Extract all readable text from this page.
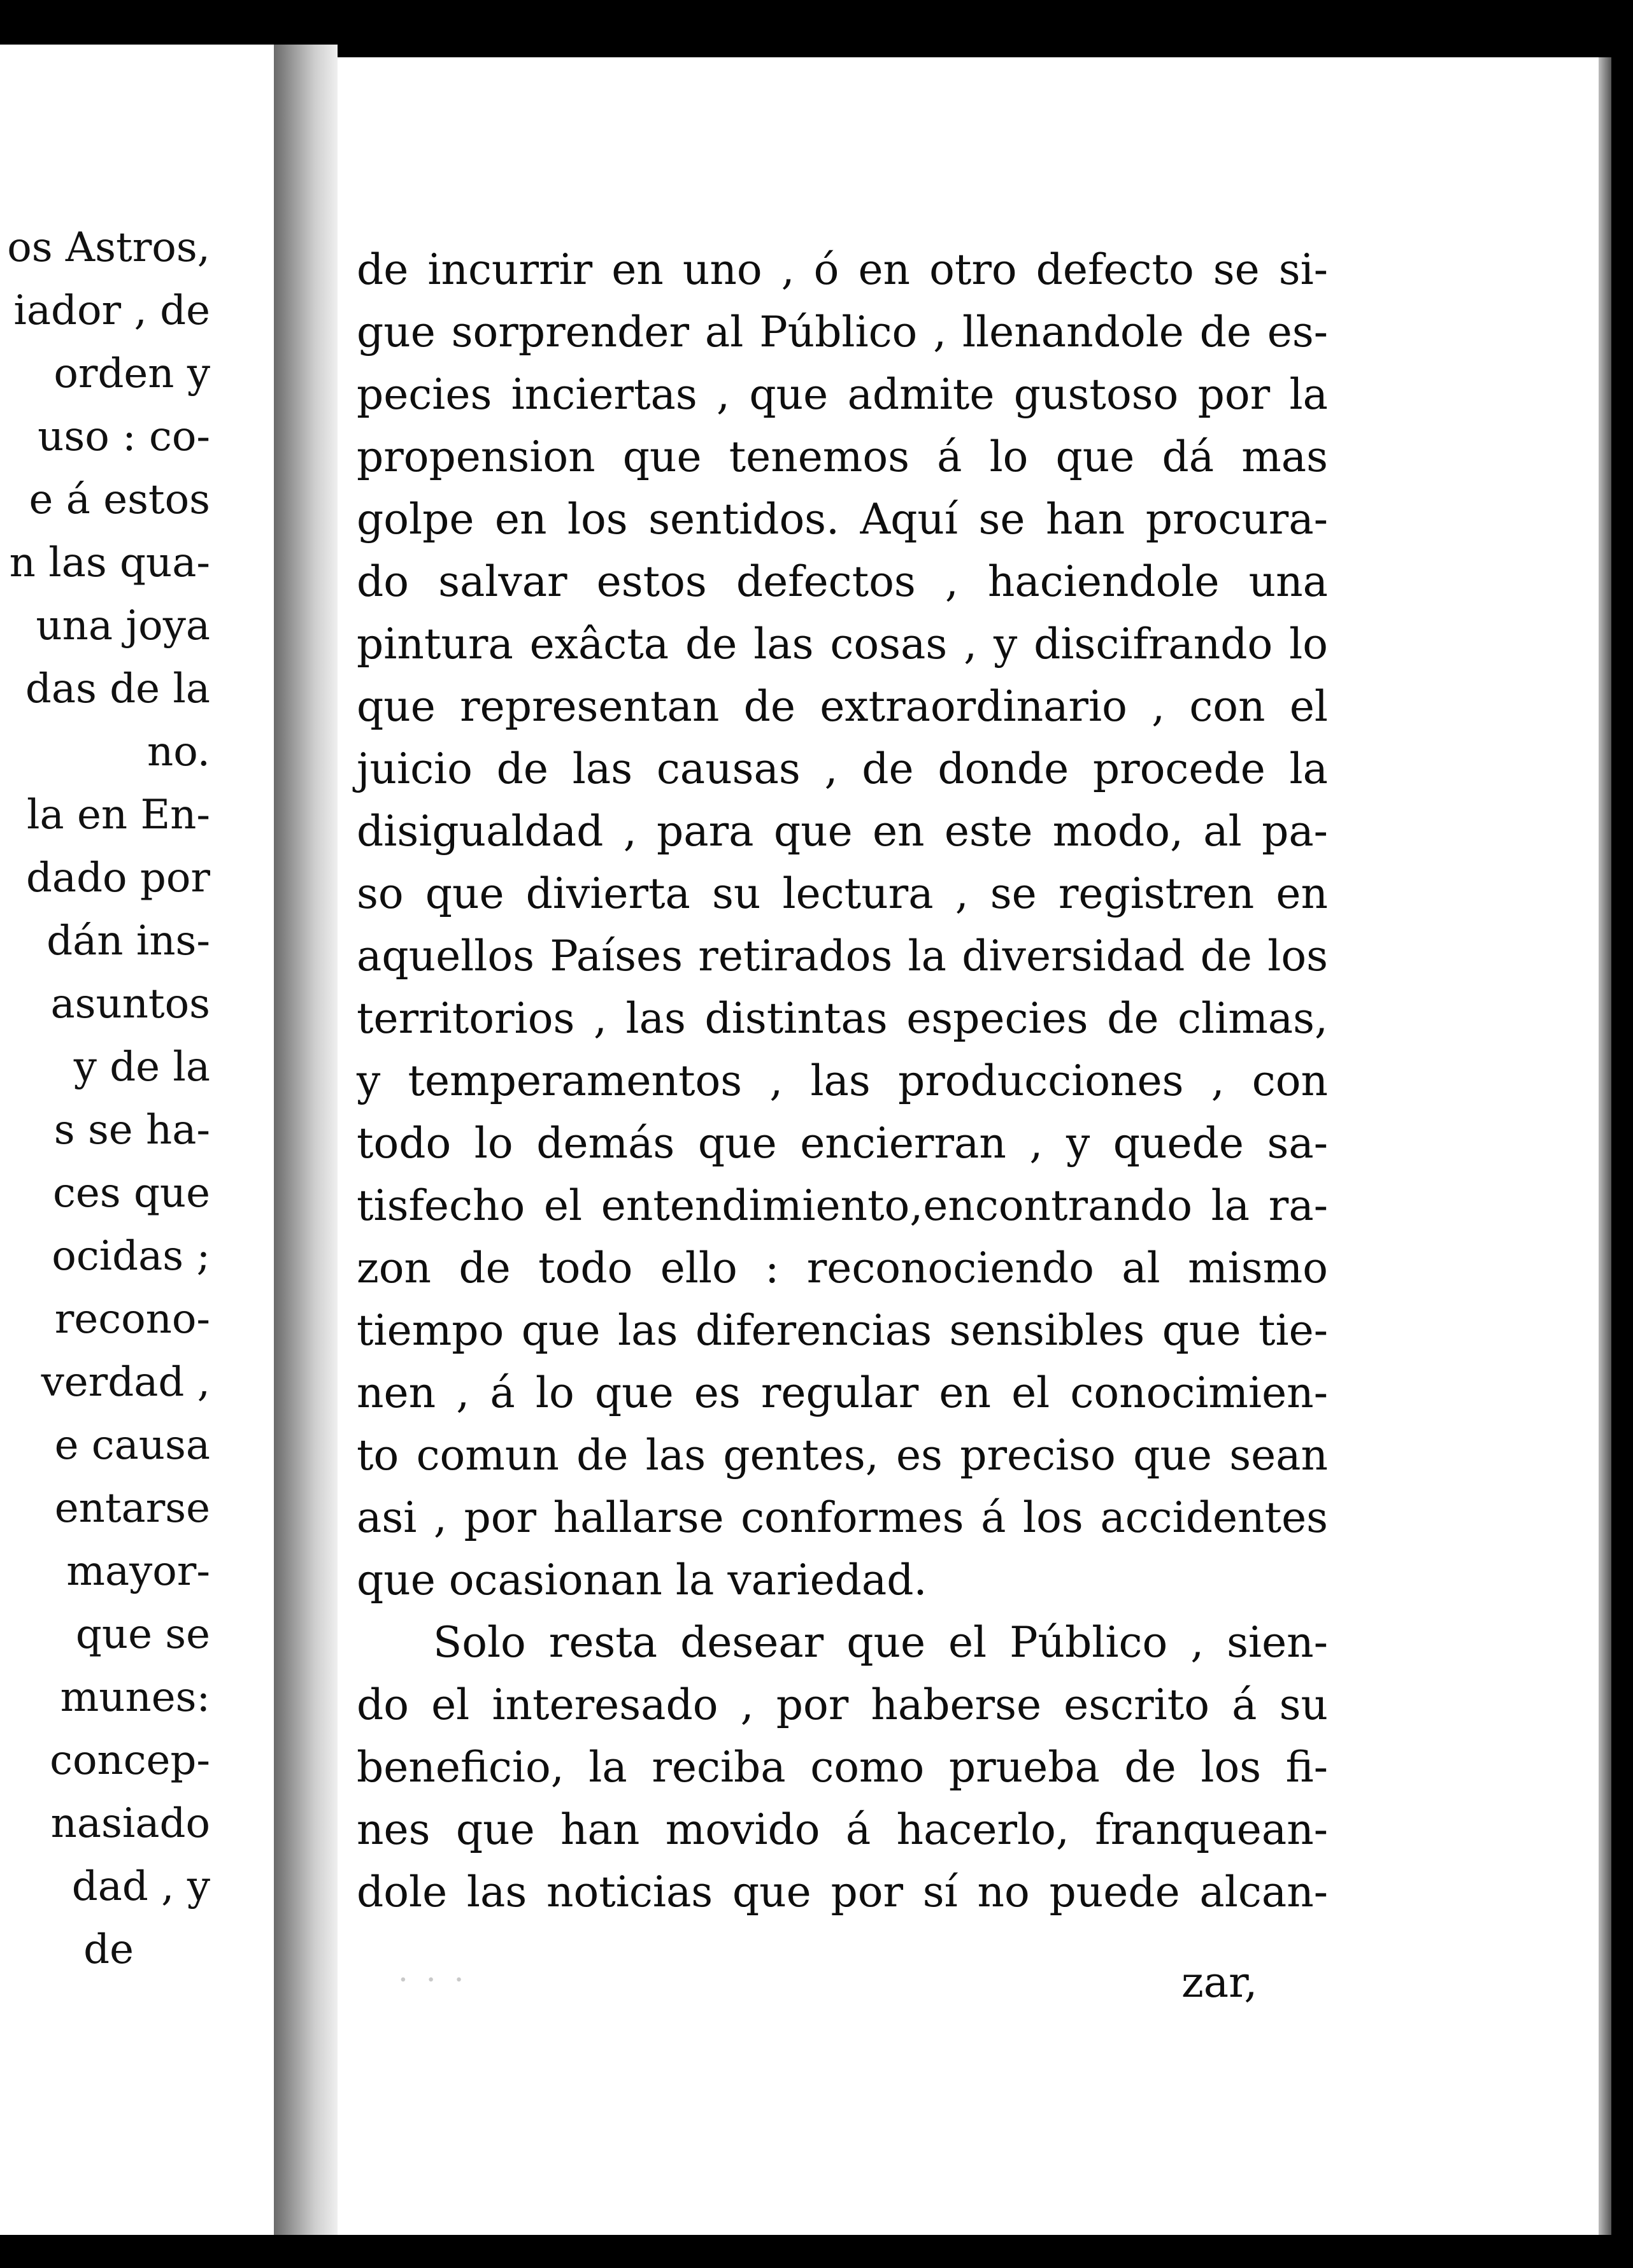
os Astros,
iador , de
orden y
uso : co-
e á estos
n las qua-
una joya
das de la
no.
la en En-
dado por
dán ins-
asuntos
y de la
s se ha-
ces que
ocidas ;
recono-
verdad ,
e causa
entarse
mayor-
que se
munes:
concep-
nasiado
dad , y
de
de incurrir en uno , ó en otro defecto se si-
gue sorprender al Público , llenandole de es-
pecies inciertas , que admite gustoso por la
propension que tenemos á lo que dá mas
golpe en los sentidos. Aquí se han procura-
do salvar estos defectos , haciendole una
pintura exâcta de las cosas , y discifrando lo
que representan de extraordinario , con el
juicio de las causas , de donde procede la
disigualdad , para que en este modo, al pa-
so que divierta su lectura , se registren en
aquellos Países retirados la diversidad de los
territorios , las distintas especies de climas,
y temperamentos , las producciones , con
todo lo demás que encierran , y quede sa-
tisfecho el entendimiento,encontrando la ra-
zon de todo ello : reconociendo al mismo
tiempo que las diferencias sensibles que tie-
nen , á lo que es regular en el conocimien-
to comun de las gentes, es preciso que sean
asi , por hallarse conformes á los accidentes
que ocasionan la variedad.
Solo resta desear que el Público , sien-
do el interesado , por haberse escrito á su
beneficio, la reciba como prueba de los fi-
nes que han movido á hacerlo, franquean-
dole las noticias que por sí no puede alcan-
· · ·	zar,
